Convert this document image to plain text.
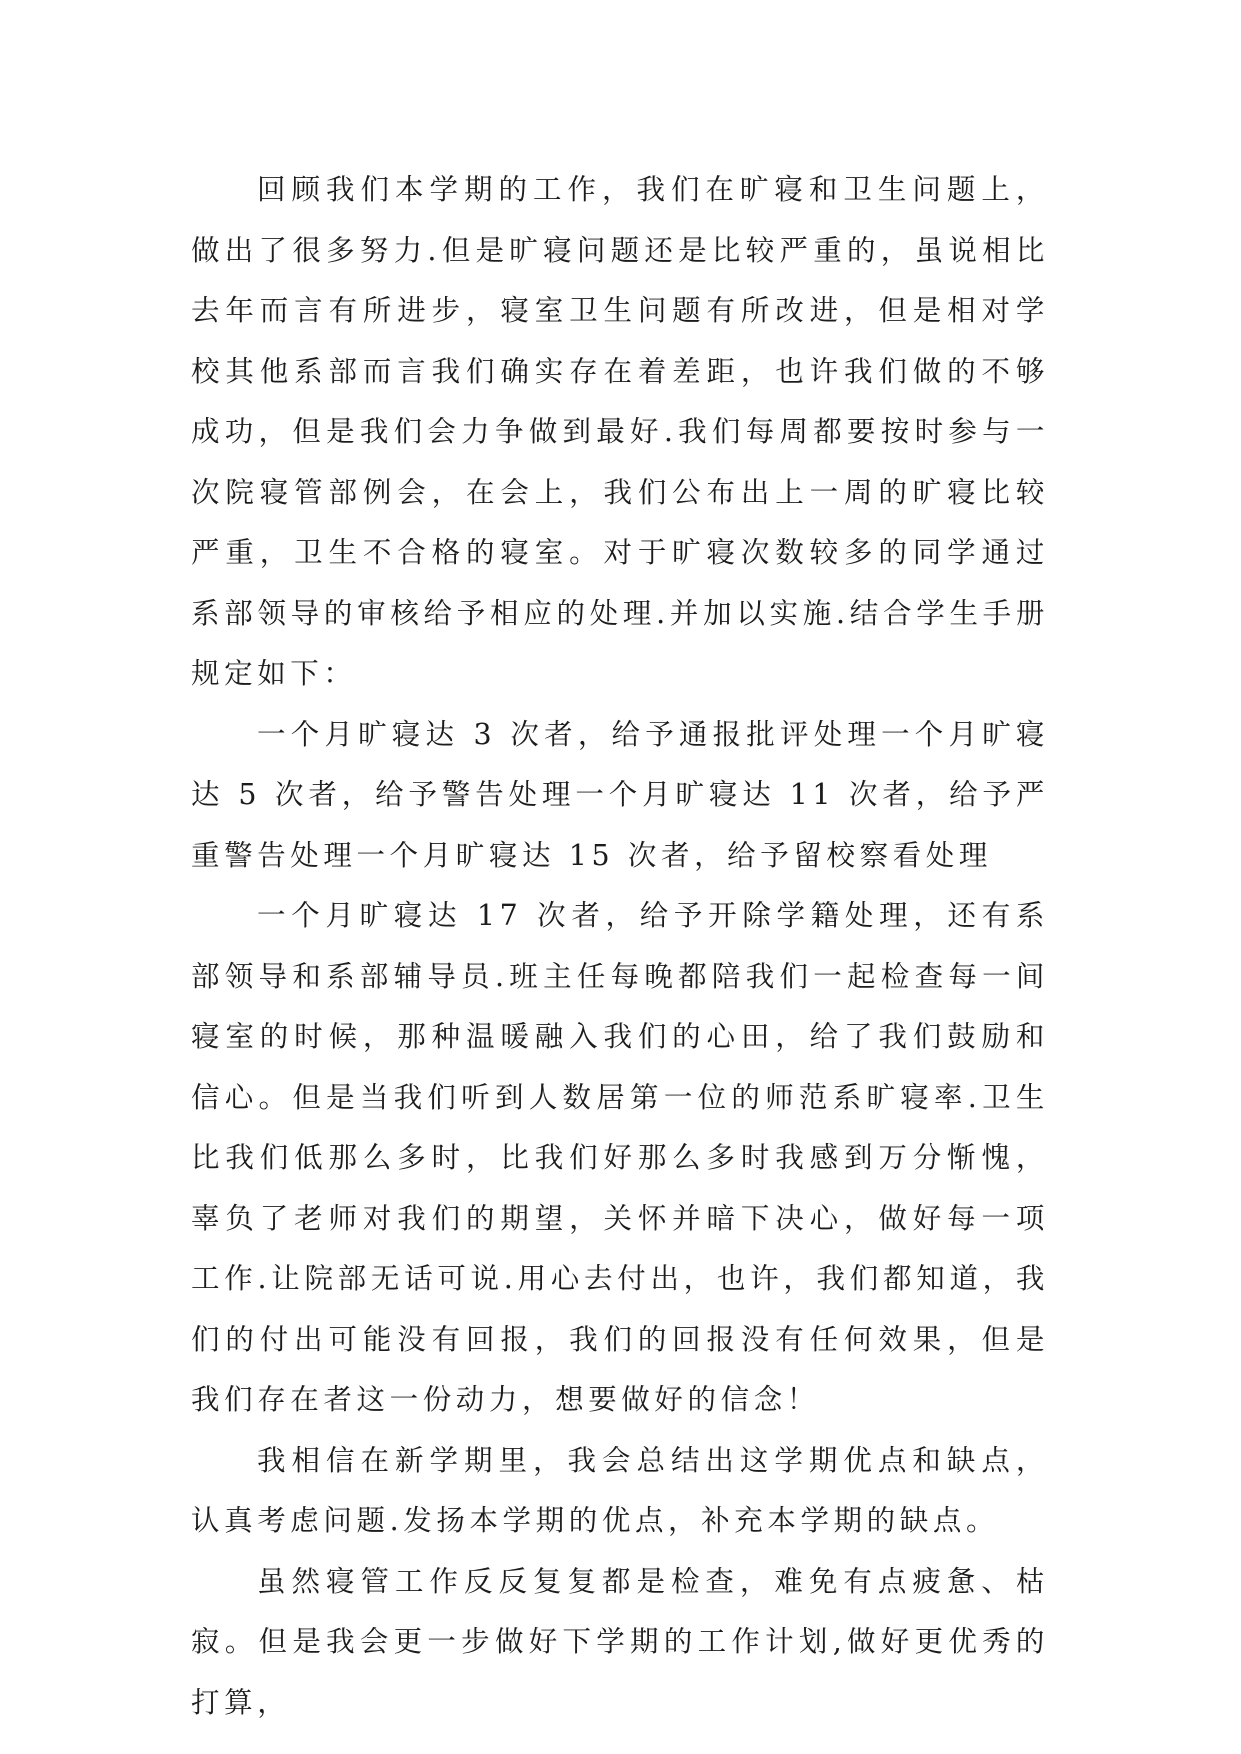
回顾我们本学期的工作，我们在旷寝和卫生问题上，做出了很多努力.但是旷寝问题还是比较严重的，虽说相比去年而言有所进步，寝室卫生问题有所改进，但是相对学校其他系部而言我们确实存在着差距，也许我们做的不够成功，但是我们会力争做到最好.我们每周都要按时参与一次院寝管部例会，在会上，我们公布出上一周的旷寝比较严重，卫生不合格的寝室。对于旷寝次数较多的同学通过系部领导的审核给予相应的处理.并加以实施.结合学生手册规定如下：

一个月旷寝达 3 次者，给予通报批评处理一个月旷寝达 5 次者，给予警告处理一个月旷寝达 11 次者，给予严重警告处理一个月旷寝达 15 次者，给予留校察看处理

一个月旷寝达 17 次者，给予开除学籍处理，还有系部领导和系部辅导员.班主任每晚都陪我们一起检查每一间寝室的时候，那种温暖融入我们的心田，给了我们鼓励和信心。但是当我们听到人数居第一位的师范系旷寝率.卫生比我们低那么多时，比我们好那么多时我感到万分惭愧，辜负了老师对我们的期望，关怀并暗下决心，做好每一项工作.让院部无话可说.用心去付出，也许，我们都知道，我们的付出可能没有回报，我们的回报没有任何效果，但是我们存在者这一份动力，想要做好的信念！

我相信在新学期里，我会总结出这学期优点和缺点，认真考虑问题.发扬本学期的优点，补充本学期的缺点。

虽然寝管工作反反复复都是检查，难免有点疲惫、枯寂。但是我会更一步做好下学期的工作计划,做好更优秀的打算，
